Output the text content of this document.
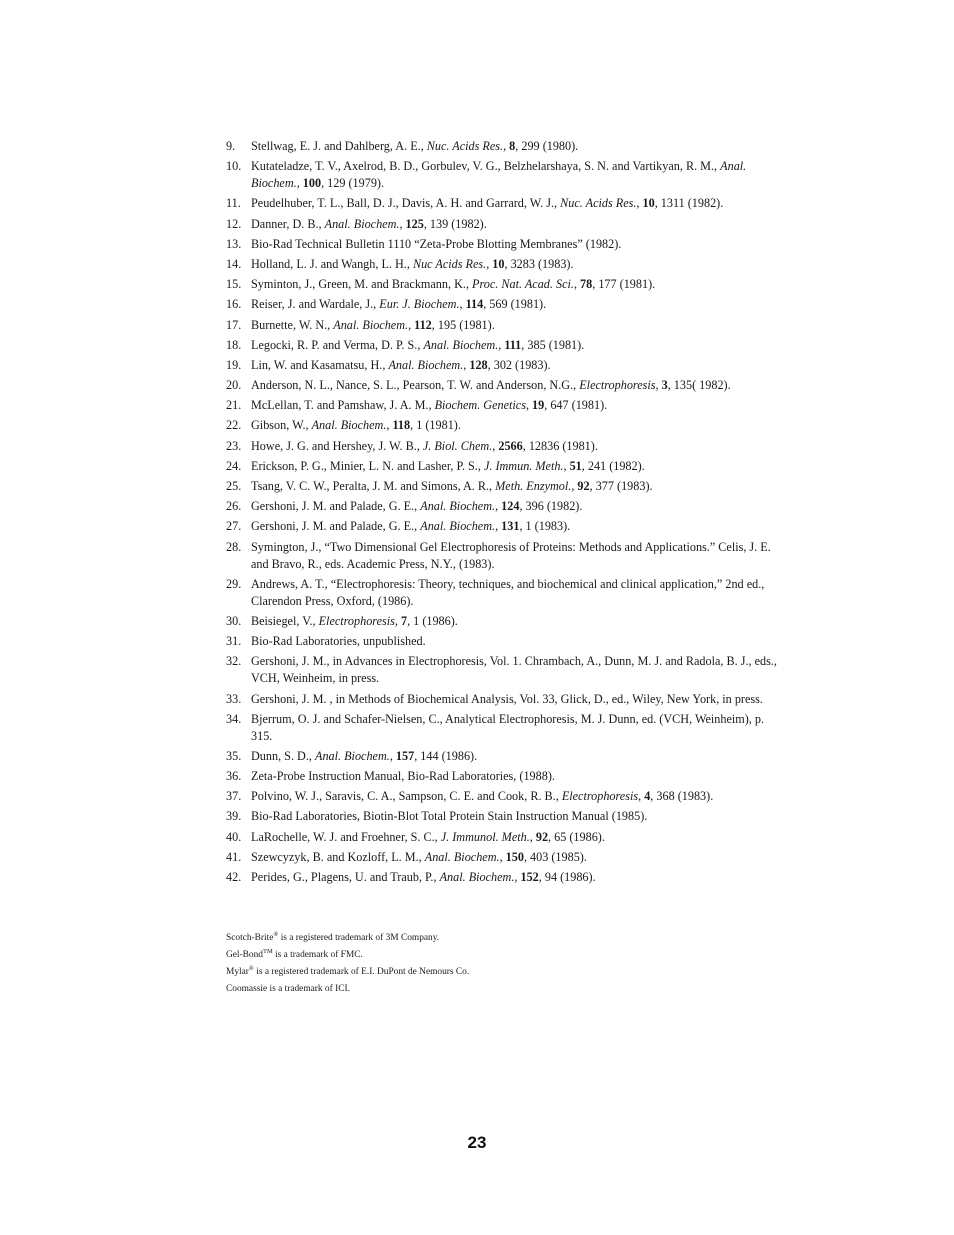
9.	Stellwag, E. J. and Dahlberg, A. E., Nuc. Acids Res., 8, 299 (1980).
10. Kutateladze, T. V., Axelrod, B. D., Gorbulev, V. G., Belzhelarshaya, S. N. and Vartikyan, R. M., Anal. Biochem., 100, 129 (1979).
11. Peudelhuber, T. L., Ball, D. J., Davis, A. H. and Garrard, W. J., Nuc. Acids Res., 10, 1311 (1982).
12. Danner, D. B., Anal. Biochem., 125, 139 (1982).
13. Bio-Rad Technical Bulletin 1110 “Zeta-Probe Blotting Membranes” (1982).
14. Holland, L. J. and Wangh, L. H., Nuc Acids Res., 10, 3283 (1983).
15. Syminton, J., Green, M. and Brackmann, K., Proc. Nat. Acad. Sci., 78, 177 (1981).
16. Reiser, J. and Wardale, J., Eur. J. Biochem., 114, 569 (1981).
17. Burnette, W. N., Anal. Biochem., 112, 195 (1981).
18. Legocki, R. P. and Verma, D. P. S., Anal. Biochem., 111, 385 (1981).
19. Lin, W. and Kasamatsu, H., Anal. Biochem., 128, 302 (1983).
20. Anderson, N. L., Nance, S. L., Pearson, T. W. and Anderson, N.G., Electrophoresis, 3, 135( 1982).
21. McLellan, T. and Pamshaw, J. A. M., Biochem. Genetics, 19, 647 (1981).
22. Gibson, W., Anal. Biochem., 118, 1 (1981).
23. Howe, J. G. and Hershey, J. W. B., J. Biol. Chem., 2566, 12836 (1981).
24. Erickson, P. G., Minier, L. N. and Lasher, P. S., J. Immun. Meth., 51, 241 (1982).
25. Tsang, V. C. W., Peralta, J. M. and Simons, A. R., Meth. Enzymol., 92, 377 (1983).
26. Gershoni, J. M. and Palade, G. E., Anal. Biochem., 124, 396 (1982).
27. Gershoni, J. M. and Palade, G. E., Anal. Biochem., 131, 1 (1983).
28. Symington, J., “Two Dimensional Gel Electrophoresis of Proteins: Methods and Applications.” Celis, J. E. and Bravo, R., eds. Academic Press, N.Y., (1983).
29. Andrews, A. T., “Electrophoresis: Theory, techniques, and biochemical and clinical application,” 2nd ed., Clarendon Press, Oxford, (1986).
30. Beisiegel, V., Electrophoresis, 7, 1 (1986).
31. Bio-Rad Laboratories, unpublished.
32. Gershoni, J. M., in Advances in Electrophoresis, Vol. 1. Chrambach, A., Dunn, M. J. and Radola, B. J., eds., VCH, Weinheim, in press.
33. Gershoni, J. M. , in Methods of Biochemical Analysis, Vol. 33, Glick, D., ed., Wiley, New York, in press.
34. Bjerrum, O. J. and Schafer-Nielsen, C., Analytical Electrophoresis, M. J. Dunn, ed. (VCH, Weinheim), p. 315.
35. Dunn, S. D., Anal. Biochem., 157, 144 (1986).
36. Zeta-Probe Instruction Manual, Bio-Rad Laboratories, (1988).
37. Polvino, W. J., Saravis, C. A., Sampson, C. E. and Cook, R. B., Electrophoresis, 4, 368 (1983).
39. Bio-Rad Laboratories, Biotin-Blot Total Protein Stain Instruction Manual (1985).
40. LaRochelle, W. J. and Froehner, S. C., J. Immunol. Meth., 92, 65 (1986).
41. Szewcyzyk, B. and Kozloff, L. M., Anal. Biochem., 150, 403 (1985).
42. Perides, G., Plagens, U. and Traub, P., Anal. Biochem., 152, 94 (1986).
Scotch-Brite® is a registered trademark of 3M Company.
Gel-Bond™ is a trademark of FMC.
Mylar® is a registered trademark of E.I. DuPont de Nemours Co.
Coomassie is a trademark of ICI.
23
